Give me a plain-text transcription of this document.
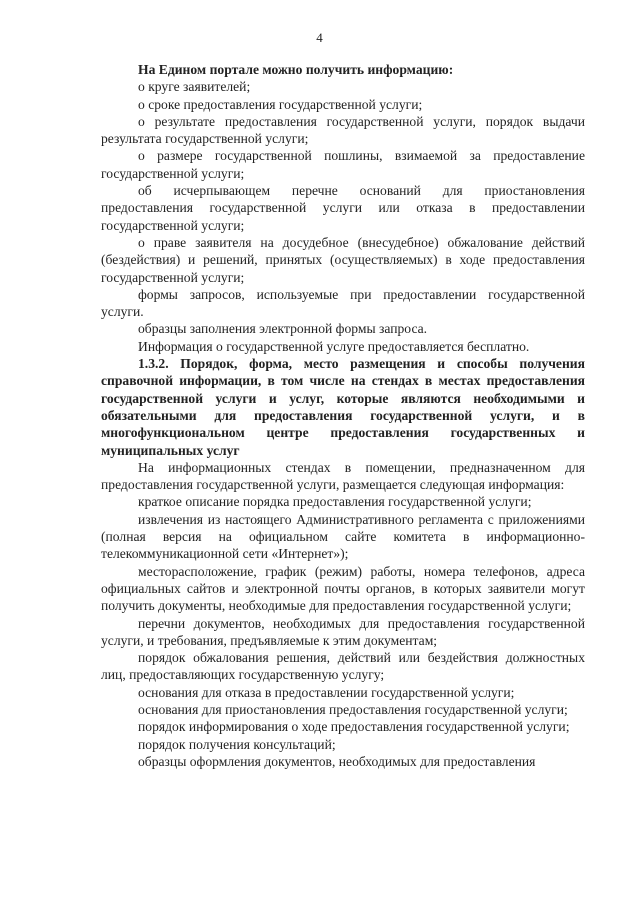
4

На Едином портале можно получить информацию:

о круге заявителей;

о сроке предоставления государственной услуги;

о результате предоставления государственной услуги, порядок выдачи результата государственной услуги;

о размере государственной пошлины, взимаемой за предоставление государственной услуги;

об исчерпывающем перечне оснований для приостановления предоставления государственной услуги или отказа в предоставлении государственной услуги;

о праве заявителя на досудебное (внесудебное) обжалование действий (бездействия) и решений, принятых (осуществляемых) в ходе предоставления государственной услуги;

формы запросов, используемые при предоставлении государственной услуги.

образцы заполнения электронной формы запроса.

Информация о государственной услуге предоставляется бесплатно.

1.3.2. Порядок, форма, место размещения и способы получения справочной информации, в том числе на стендах в местах предоставления государственной услуги и услуг, которые являются необходимыми и обязательными для предоставления государственной услуги, и в многофункциональном центре предоставления государственных и муниципальных услуг

На информационных стендах в помещении, предназначенном для предоставления государственной услуги, размещается следующая информация:

краткое описание порядка предоставления государственной услуги;

извлечения из настоящего Административного регламента с приложениями (полная версия на официальном сайте комитета в информационно-телекоммуникационной сети «Интернет»);

месторасположение, график (режим) работы, номера телефонов, адреса официальных сайтов и электронной почты органов, в которых заявители могут получить документы, необходимые для предоставления государственной услуги;

перечни документов, необходимых для предоставления государственной услуги, и требования, предъявляемые к этим документам;

порядок обжалования решения, действий или бездействия должностных лиц, предоставляющих государственную услугу;

основания для отказа в предоставлении государственной услуги;

основания для приостановления предоставления государственной услуги;

порядок информирования о ходе предоставления государственной услуги;

порядок получения консультаций;

образцы оформления документов, необходимых для предоставления
